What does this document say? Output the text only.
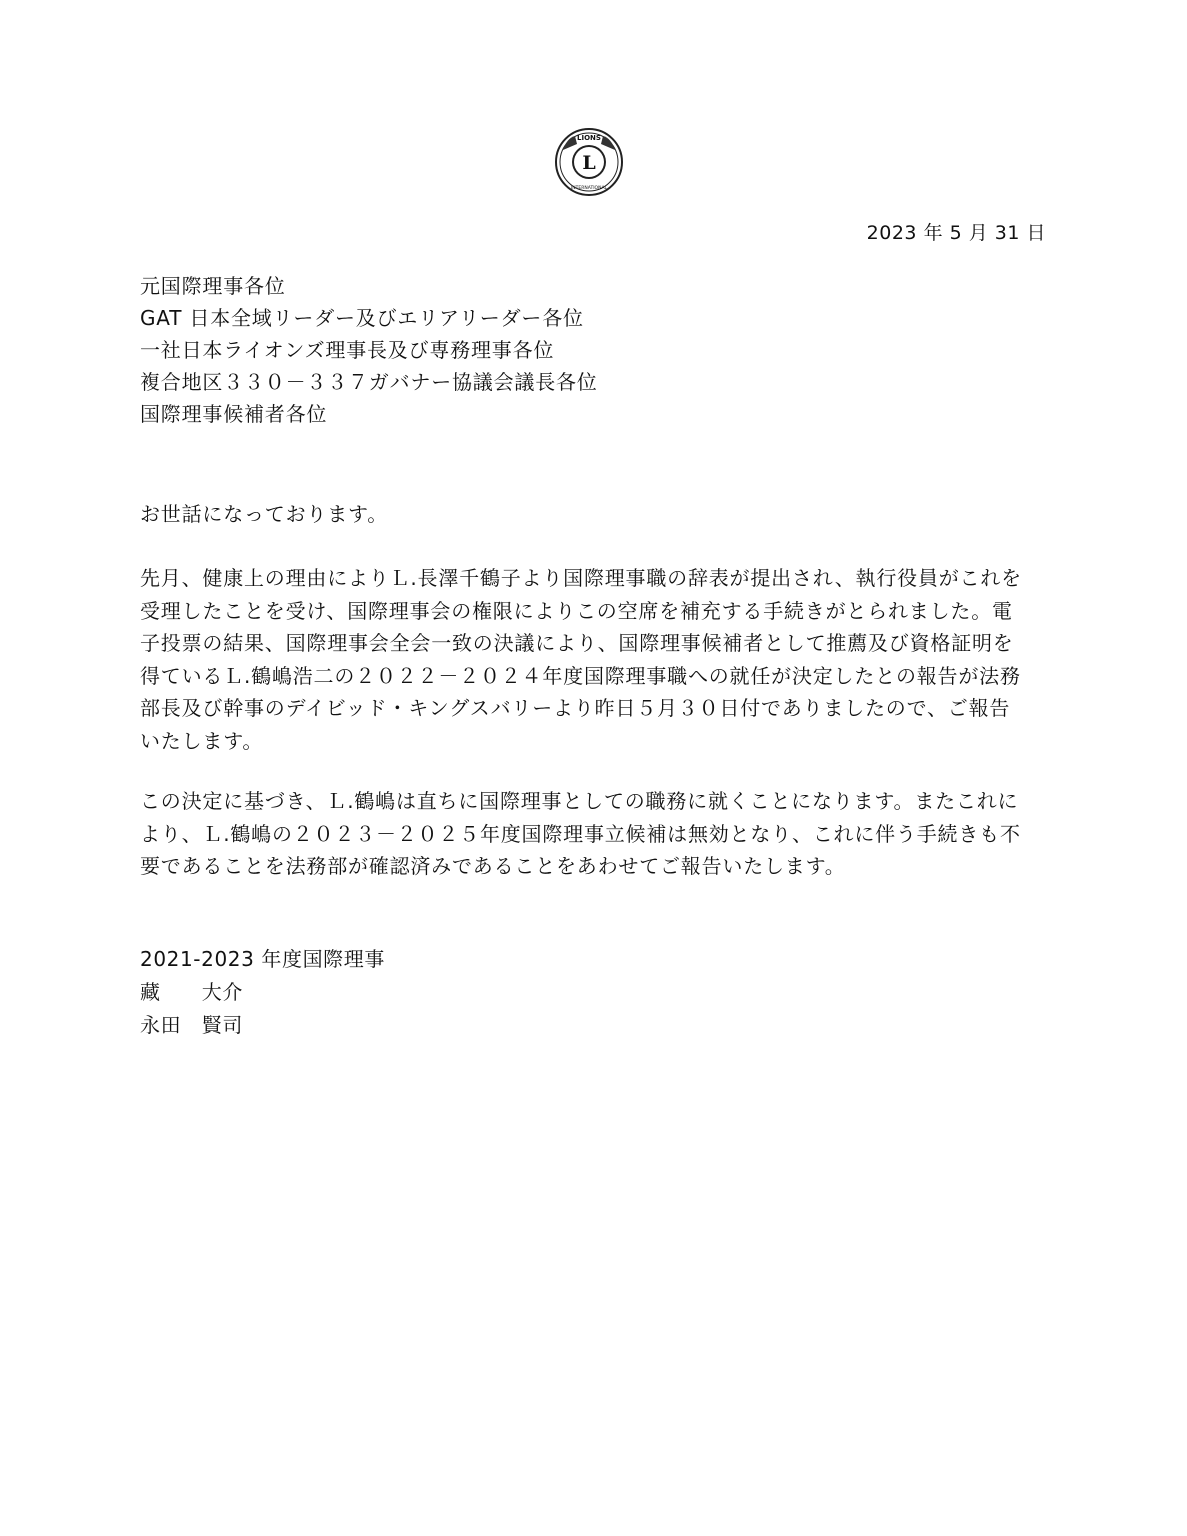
L
LIONS
INTERNATIONAL
2023 年 5 月 31 日
元国際理事各位
GAT 日本全域リーダー及びエリアリーダー各位
一社日本ライオンズ理事長及び専務理事各位
複合地区３３０－３３７ガバナー協議会議長各位
国際理事候補者各位
お世話になっております。
先月、健康上の理由によりＬ.長澤千鶴子より国際理事職の辞表が提出され、執行役員がこれを
受理したことを受け、国際理事会の権限によりこの空席を補充する手続きがとられました。電
子投票の結果、国際理事会全会一致の決議により、国際理事候補者として推薦及び資格証明を
得ているＬ.鶴嶋浩二の２０２２－２０２４年度国際理事職への就任が決定したとの報告が法務
部長及び幹事のデイビッド・キングスバリーより昨日５月３０日付でありましたので、ご報告
いたします。
この決定に基づき、Ｌ.鶴嶋は直ちに国際理事としての職務に就くことになります。またこれに
より、Ｌ.鶴嶋の２０２３－２０２５年度国際理事立候補は無効となり、これに伴う手続きも不
要であることを法務部が確認済みであることをあわせてご報告いたします。
2021-2023 年度国際理事
藏　　大介
永田　賢司
